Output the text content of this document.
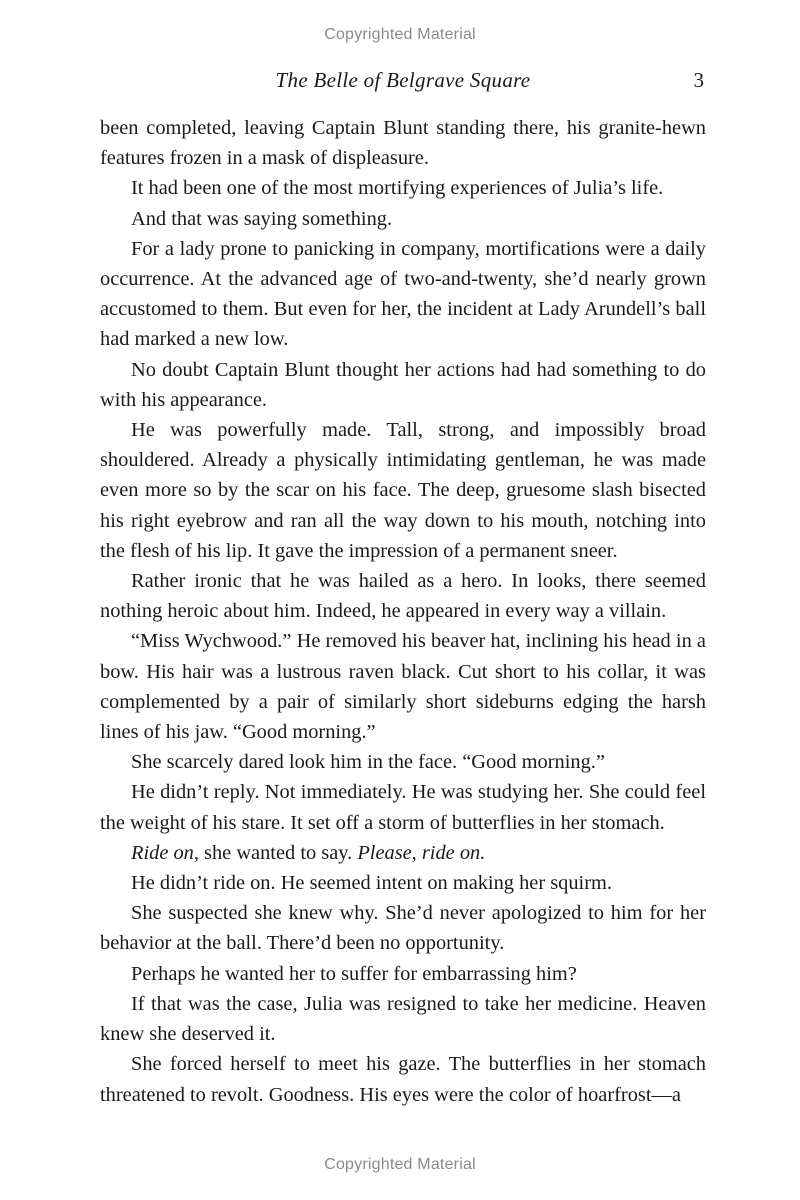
Copyrighted Material
The Belle of Belgrave Square	3

been completed, leaving Captain Blunt standing there, his granite-hewn features frozen in a mask of displeasure.

It had been one of the most mortifying experiences of Julia’s life.

And that was saying something.

For a lady prone to panicking in company, mortifications were a daily occurrence. At the advanced age of two-and-twenty, she’d nearly grown accustomed to them. But even for her, the incident at Lady Arundell’s ball had marked a new low.

No doubt Captain Blunt thought her actions had had something to do with his appearance.

He was powerfully made. Tall, strong, and impossibly broad shouldered. Already a physically intimidating gentleman, he was made even more so by the scar on his face. The deep, gruesome slash bisected his right eyebrow and ran all the way down to his mouth, notching into the flesh of his lip. It gave the impression of a permanent sneer.

Rather ironic that he was hailed as a hero. In looks, there seemed nothing heroic about him. Indeed, he appeared in every way a villain.

“Miss Wychwood.” He removed his beaver hat, inclining his head in a bow. His hair was a lustrous raven black. Cut short to his collar, it was complemented by a pair of similarly short sideburns edging the harsh lines of his jaw. “Good morning.”

She scarcely dared look him in the face. “Good morning.”

He didn’t reply. Not immediately. He was studying her. She could feel the weight of his stare. It set off a storm of butterflies in her stomach.

Ride on, she wanted to say. Please, ride on.

He didn’t ride on. He seemed intent on making her squirm.

She suspected she knew why. She’d never apologized to him for her behavior at the ball. There’d been no opportunity.

Perhaps he wanted her to suffer for embarrassing him?

If that was the case, Julia was resigned to take her medicine. Heaven knew she deserved it.

She forced herself to meet his gaze. The butterflies in her stomach threatened to revolt. Goodness. His eyes were the color of hoarfrost—a

Copyrighted Material
